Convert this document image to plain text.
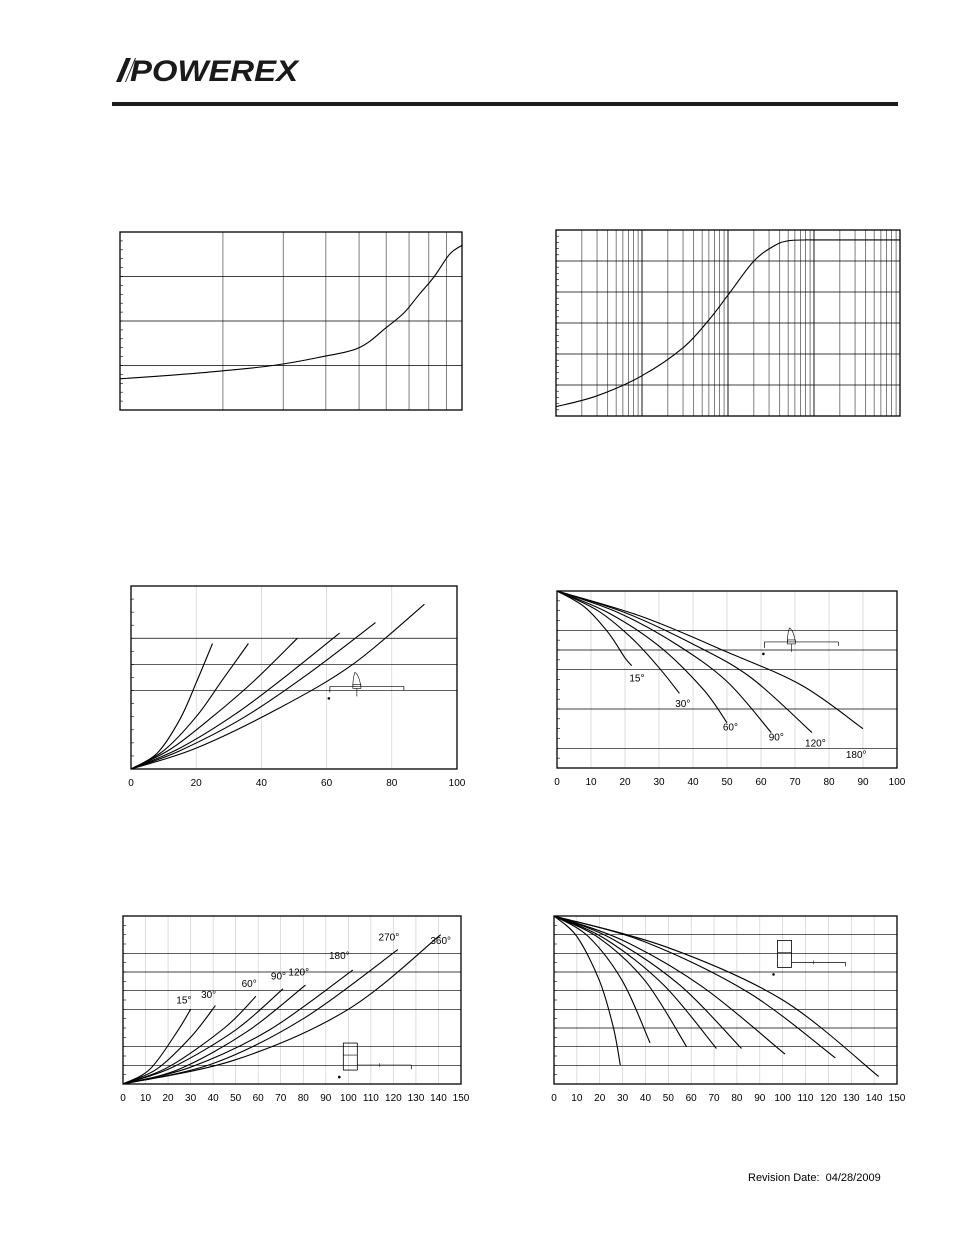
POWEREX
0	20	40	60	80	100	0	10 20 30 40 50 60 70 80 90 100
15°
30°
60°
90°
120°
180°
0 10 20 30 40 50 60 70 80 90 100 110 120 130 140 150
15°
30°
60°
90° 120°
180°
270°	360°
0 10 20 30 40 50 60 70 80 90 100 110 120 130 140 150
Revision Date:  04/28/2009
